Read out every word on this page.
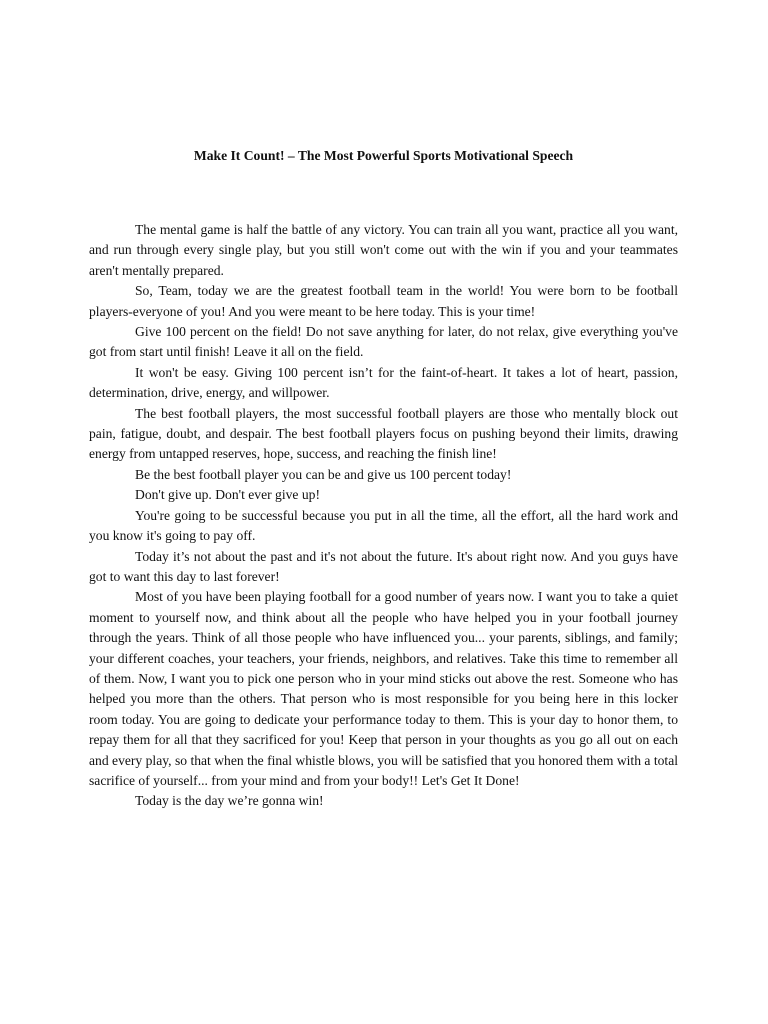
Make It Count! – The Most Powerful Sports Motivational Speech

The mental game is half the battle of any victory. You can train all you want, practice all you want, and run through every single play, but you still won't come out with the win if you and your teammates aren't mentally prepared.

So, Team, today we are the greatest football team in the world! You were born to be football players-everyone of you! And you were meant to be here today. This is your time!

Give 100 percent on the field! Do not save anything for later, do not relax, give everything you've got from start until finish! Leave it all on the field.

It won't be easy. Giving 100 percent isn’t for the faint-of-heart. It takes a lot of heart, passion, determination, drive, energy, and willpower.

The best football players, the most successful football players are those who mentally block out pain, fatigue, doubt, and despair. The best football players focus on pushing beyond their limits, drawing energy from untapped reserves, hope, success, and reaching the finish line!

Be the best football player you can be and give us 100 percent today!

Don't give up. Don't ever give up!

You're going to be successful because you put in all the time, all the effort, all the hard work and you know it's going to pay off.

Today it’s not about the past and it's not about the future. It's about right now. And you guys have got to want this day to last forever!

Most of you have been playing football for a good number of years now. I want you to take a quiet moment to yourself now, and think about all the people who have helped you in your football journey through the years. Think of all those people who have influenced you... your parents, siblings, and family; your different coaches, your teachers, your friends, neighbors, and relatives. Take this time to remember all of them. Now, I want you to pick one person who in your mind sticks out above the rest. Someone who has helped you more than the others. That person who is most responsible for you being here in this locker room today. You are going to dedicate your performance today to them. This is your day to honor them, to repay them for all that they sacrificed for you! Keep that person in your thoughts as you go all out on each and every play, so that when the final whistle blows, you will be satisfied that you honored them with a total sacrifice of yourself... from your mind and from your body!! Let's Get It Done!

Today is the day we’re gonna win!
